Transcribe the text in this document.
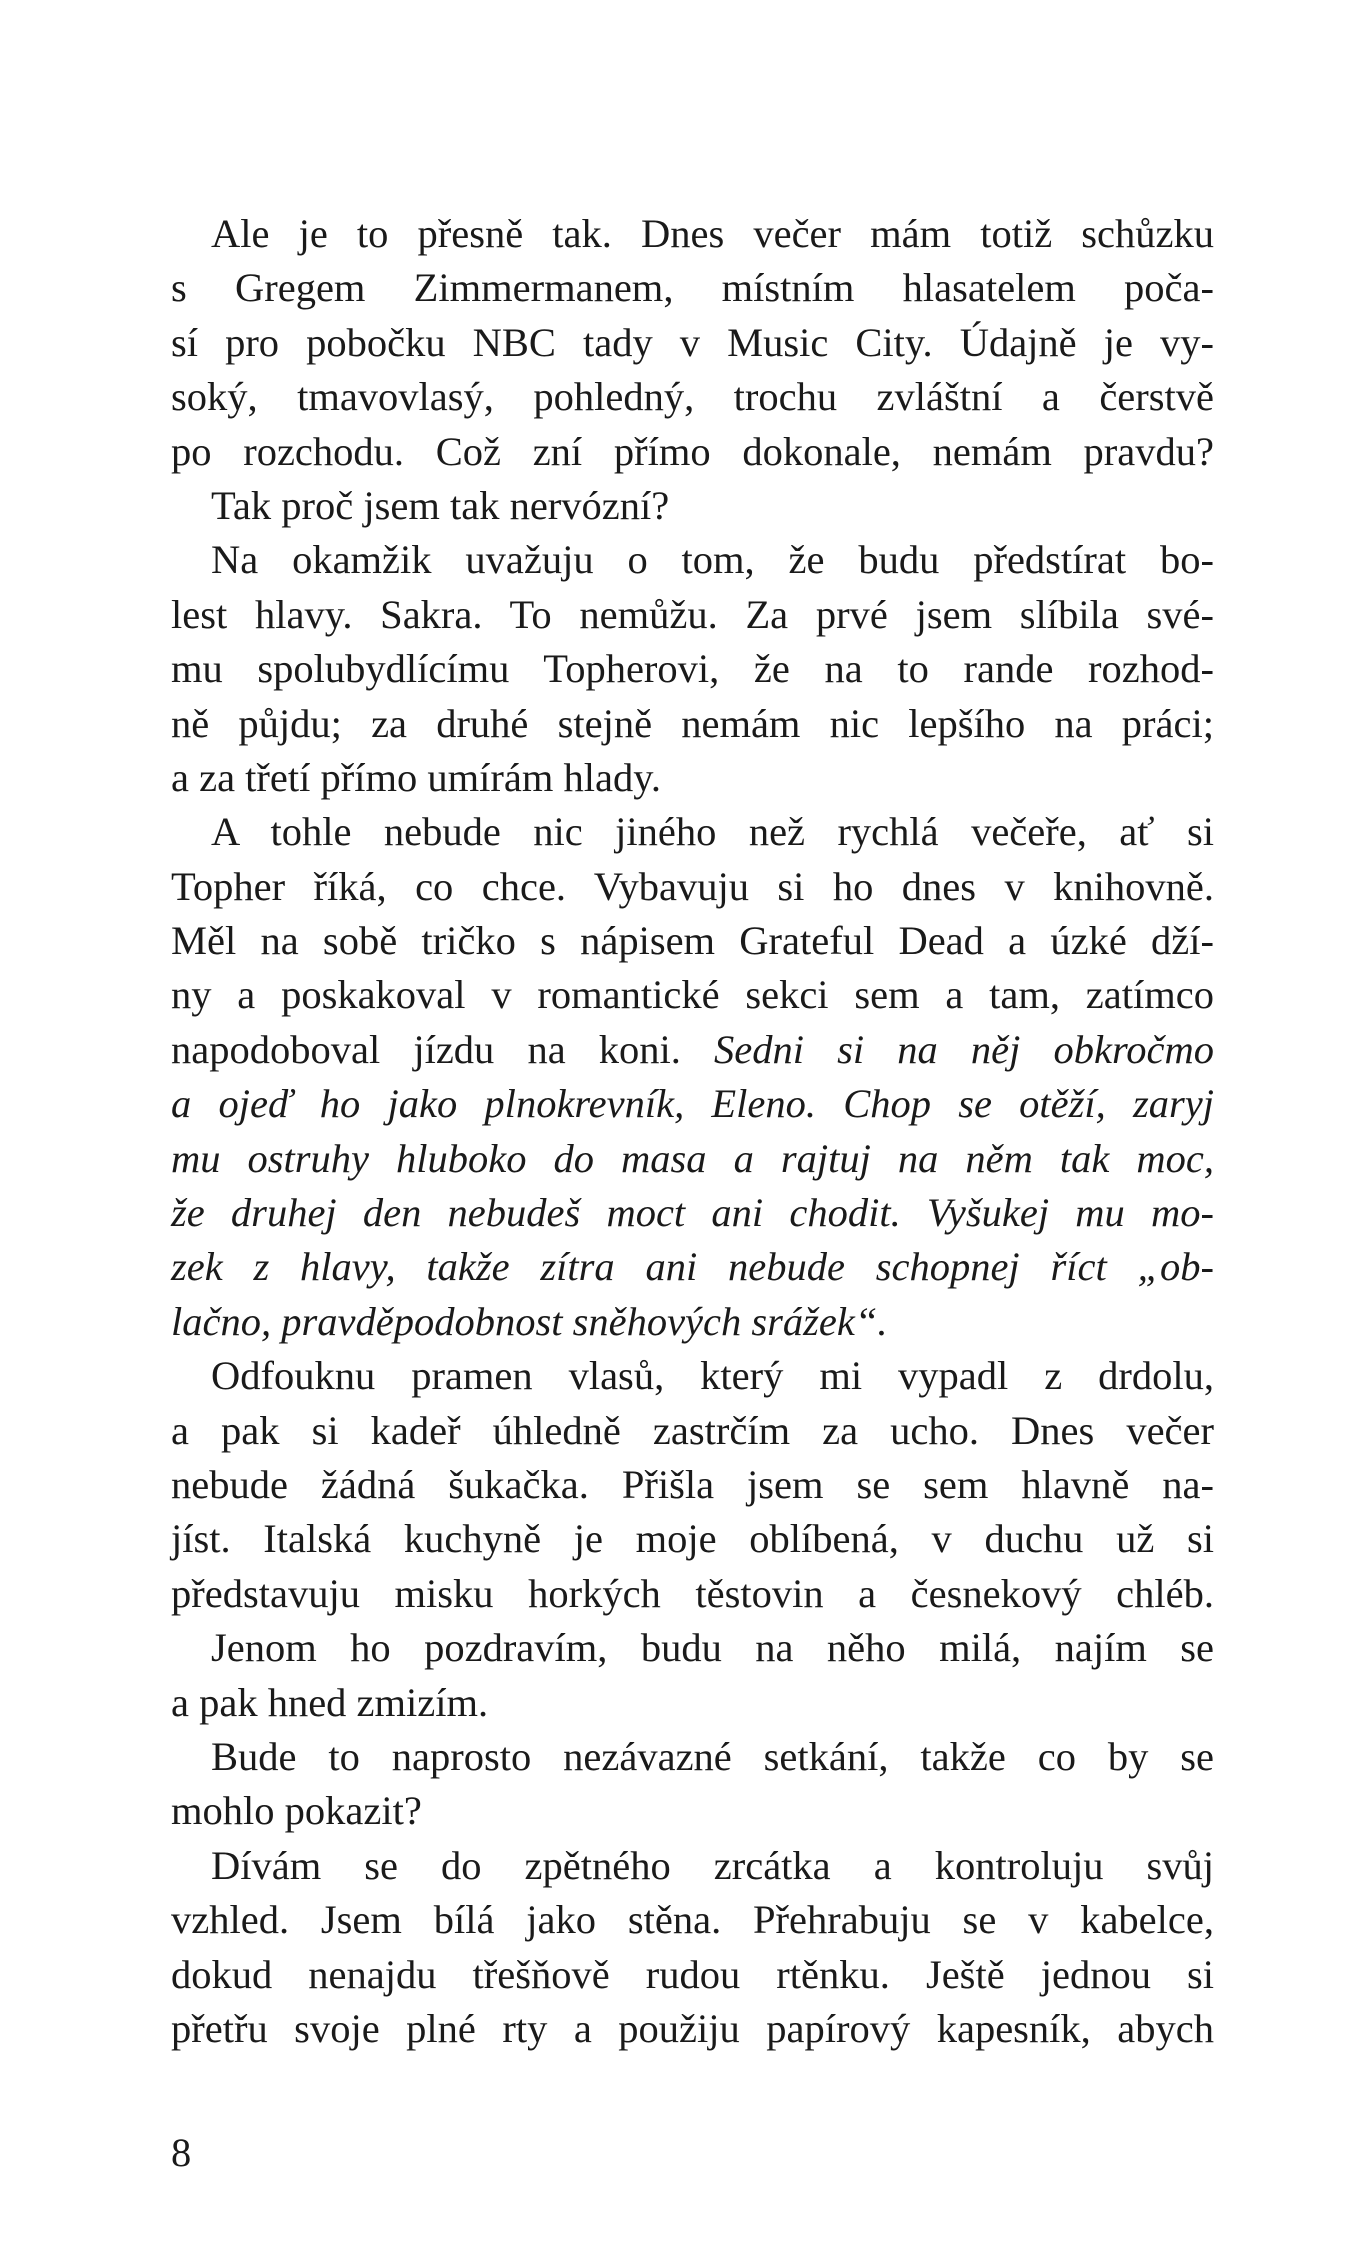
Ale je to přesně tak. Dnes večer mám totiž schůzku
s Gregem Zimmermanem, místním hlasatelem poča-
sí pro pobočku NBC tady v Music City. Údajně je vy-
soký, tmavovlasý, pohledný, trochu zvláštní a čerstvě
po rozchodu. Což zní přímo dokonale, nemám pravdu?
Tak proč jsem tak nervózní?
Na okamžik uvažuju o tom, že budu předstírat bo-
lest hlavy. Sakra. To nemůžu. Za prvé jsem slíbila své-
mu spolubydlícímu Topherovi, že na to rande rozhod-
ně půjdu; za druhé stejně nemám nic lepšího na práci;
a za třetí přímo umírám hlady.
A tohle nebude nic jiného než rychlá večeře, ať si
Topher říká, co chce. Vybavuju si ho dnes v knihovně.
Měl na sobě tričko s nápisem Grateful Dead a úzké dží-
ny a poskakoval v romantické sekci sem a tam, zatímco
napodoboval jízdu na koni. Sedni si na něj obkročmo
a ojeď ho jako plnokrevník, Eleno. Chop se otěží, zaryj
mu ostruhy hluboko do masa a rajtuj na něm tak moc,
že druhej den nebudeš moct ani chodit. Vyšukej mu mo-
zek z hlavy, takže zítra ani nebude schopnej říct „ob-
lačno, pravděpodobnost sněhových srážek“.
Odfouknu pramen vlasů, který mi vypadl z drdolu,
a pak si kadeř úhledně zastrčím za ucho. Dnes večer
nebude žádná šukačka. Přišla jsem se sem hlavně na-
jíst. Italská kuchyně je moje oblíbená, v duchu už si
představuju misku horkých těstovin a česnekový chléb.
Jenom ho pozdravím, budu na něho milá, najím se
a pak hned zmizím.
Bude to naprosto nezávazné setkání, takže co by se
mohlo pokazit?
Dívám se do zpětného zrcátka a kontroluju svůj
vzhled. Jsem bílá jako stěna. Přehrabuju se v kabelce,
dokud nenajdu třešňově rudou rtěnku. Ještě jednou si
přetřu svoje plné rty a použiju papírový kapesník, abych
8
